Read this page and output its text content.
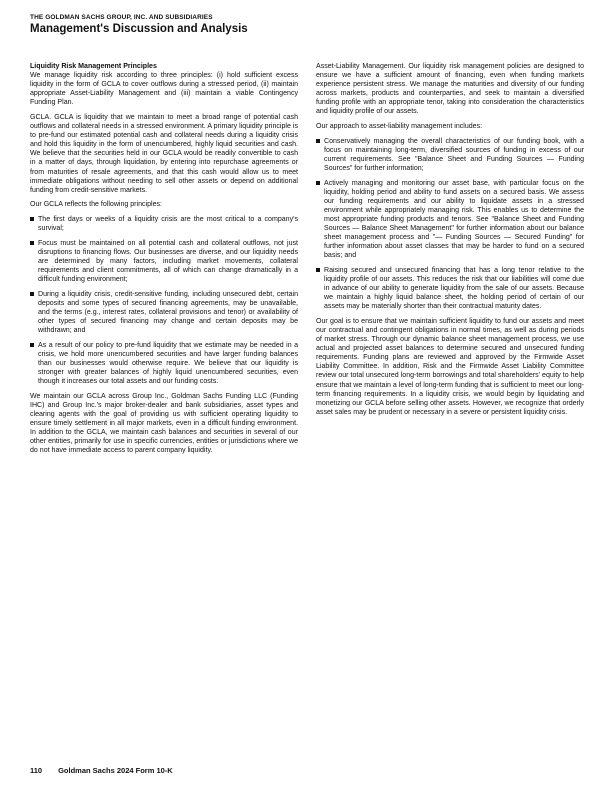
THE GOLDMAN SACHS GROUP, INC. AND SUBSIDIARIES
Management's Discussion and Analysis

Liquidity Risk Management Principles

We manage liquidity risk according to three principles: (i) hold sufficient excess liquidity in the form of GCLA to cover outflows during a stressed period, (ii) maintain appropriate Asset-Liability Management and (iii) maintain a viable Contingency Funding Plan.

GCLA. GCLA is liquidity that we maintain to meet a broad range of potential cash outflows and collateral needs in a stressed environment. A primary liquidity principle is to pre-fund our estimated potential cash and collateral needs during a liquidity crisis and hold this liquidity in the form of unencumbered, highly liquid securities and cash. We believe that the securities held in our GCLA would be readily convertible to cash in a matter of days, through liquidation, by entering into repurchase agreements or from maturities of resale agreements, and that this cash would allow us to meet immediate obligations without needing to sell other assets or depend on additional funding from credit-sensitive markets.

Our GCLA reflects the following principles:

The first days or weeks of a liquidity crisis are the most critical to a company's survival;
Focus must be maintained on all potential cash and collateral outflows, not just disruptions to financing flows. Our businesses are diverse, and our liquidity needs are determined by many factors, including market movements, collateral requirements and client commitments, all of which can change dramatically in a difficult funding environment;
During a liquidity crisis, credit-sensitive funding, including unsecured debt, certain deposits and some types of secured financing agreements, may be unavailable, and the terms (e.g., interest rates, collateral provisions and tenor) or availability of other types of secured financing may change and certain deposits may be withdrawn; and
As a result of our policy to pre-fund liquidity that we estimate may be needed in a crisis, we hold more unencumbered securities and have larger funding balances than our businesses would otherwise require. We believe that our liquidity is stronger with greater balances of highly liquid unencumbered securities, even though it increases our total assets and our funding costs.

We maintain our GCLA across Group Inc., Goldman Sachs Funding LLC (Funding IHC) and Group Inc.'s major broker-dealer and bank subsidiaries, asset types and clearing agents with the goal of providing us with sufficient operating liquidity to ensure timely settlement in all major markets, even in a difficult funding environment. In addition to the GCLA, we maintain cash balances and securities in several of our other entities, primarily for use in specific currencies, entities or jurisdictions where we do not have immediate access to parent company liquidity.

Asset-Liability Management. Our liquidity risk management policies are designed to ensure we have a sufficient amount of financing, even when funding markets experience persistent stress. We manage the maturities and diversity of our funding across markets, products and counterparties, and seek to maintain a diversified funding profile with an appropriate tenor, taking into consideration the characteristics and liquidity profile of our assets.

Our approach to asset-liability management includes:

Conservatively managing the overall characteristics of our funding book, with a focus on maintaining long-term, diversified sources of funding in excess of our current requirements. See "Balance Sheet and Funding Sources — Funding Sources" for further information;
Actively managing and monitoring our asset base, with particular focus on the liquidity, holding period and ability to fund assets on a secured basis. We assess our funding requirements and our ability to liquidate assets in a stressed environment while appropriately managing risk. This enables us to determine the most appropriate funding products and tenors. See "Balance Sheet and Funding Sources — Balance Sheet Management" for further information about our balance sheet management process and "— Funding Sources — Secured Funding" for further information about asset classes that may be harder to fund on a secured basis; and
Raising secured and unsecured financing that has a long tenor relative to the liquidity profile of our assets. This reduces the risk that our liabilities will come due in advance of our ability to generate liquidity from the sale of our assets. Because we maintain a highly liquid balance sheet, the holding period of certain of our assets may be materially shorter than their contractual maturity dates.

Our goal is to ensure that we maintain sufficient liquidity to fund our assets and meet our contractual and contingent obligations in normal times, as well as during periods of market stress. Through our dynamic balance sheet management process, we use actual and projected asset balances to determine secured and unsecured funding requirements. Funding plans are reviewed and approved by the Firmwide Asset Liability Committee. In addition, Risk and the Firmwide Asset Liability Committee review our total unsecured long-term borrowings and total shareholders' equity to help ensure that we maintain a level of long-term funding that is sufficient to meet our long-term financing requirements. In a liquidity crisis, we would begin by liquidating and monetizing our GCLA before selling other assets. However, we recognize that orderly asset sales may be prudent or necessary in a severe or persistent liquidity crisis.

110 Goldman Sachs 2024 Form 10-K
